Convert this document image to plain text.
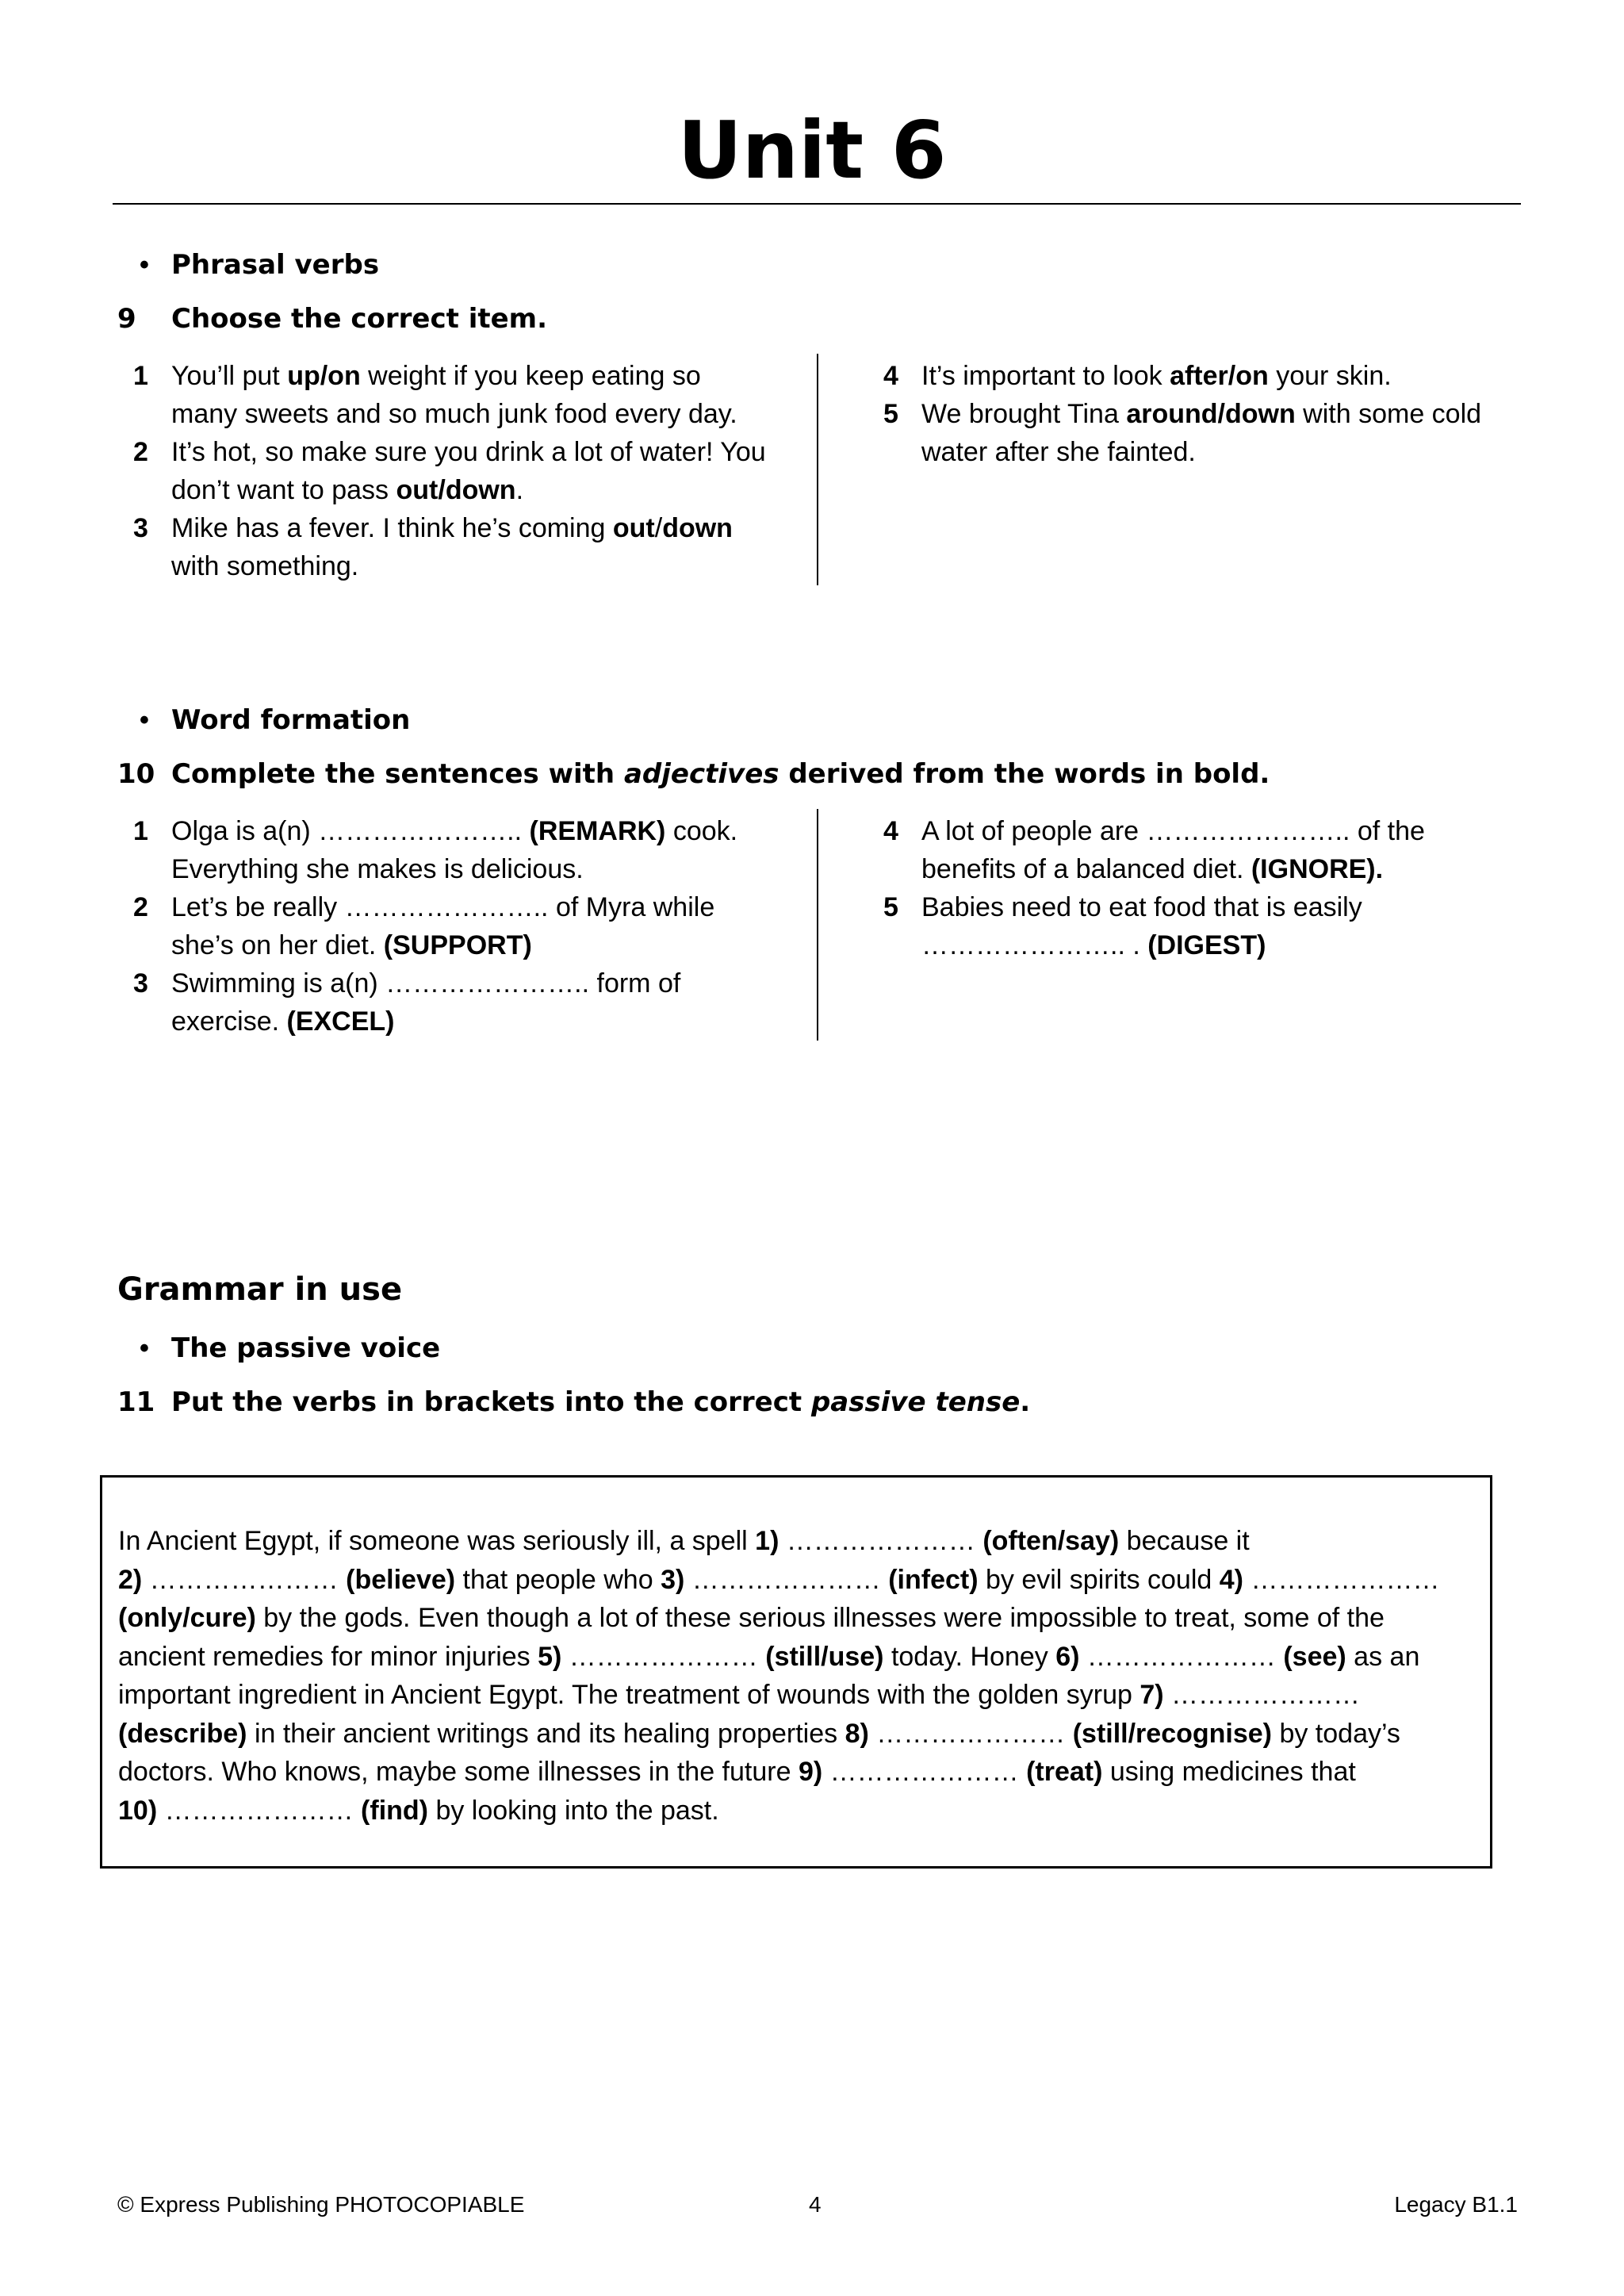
Unit 6
• Phrasal verbs
9 Choose the correct item.
1 You’ll put up/on weight if you keep eating so many sweets and so much junk food every day.
2 It’s hot, so make sure you drink a lot of water! You don’t want to pass out/down.
3 Mike has a fever. I think he’s coming out/down with something.
4 It’s important to look after/on your skin.
5 We brought Tina around/down with some cold water after she fainted.
• Word formation
10 Complete the sentences with adjectives derived from the words in bold.
1 Olga is a(n) ………………….. (REMARK) cook. Everything she makes is delicious.
2 Let’s be really ………………….. of Myra while she’s on her diet. (SUPPORT)
3 Swimming is a(n) ………………….. form of exercise. (EXCEL)
4 A lot of people are ………………….. of the benefits of a balanced diet. (IGNORE).
5 Babies need to eat food that is easily ………………….. . (DIGEST)
Grammar in use
• The passive voice
11 Put the verbs in brackets into the correct passive tense.
In Ancient Egypt, if someone was seriously ill, a spell 1) ………………… (often/say) because it
2) ………………… (believe) that people who 3) ………………… (infect) by evil spirits could 4) …………………
(only/cure) by the gods. Even though a lot of these serious illnesses were impossible to treat, some of the
ancient remedies for minor injuries 5) ………………… (still/use) today. Honey 6) ………………… (see) as an
important ingredient in Ancient Egypt. The treatment of wounds with the golden syrup 7) …………………
(describe) in their ancient writings and its healing properties 8) ………………… (still/recognise) by today’s
doctors. Who knows, maybe some illnesses in the future 9) ………………… (treat) using medicines that
10) ………………… (find) by looking into the past.
© Express Publishing PHOTOCOPIABLE	4	Legacy B1.1
